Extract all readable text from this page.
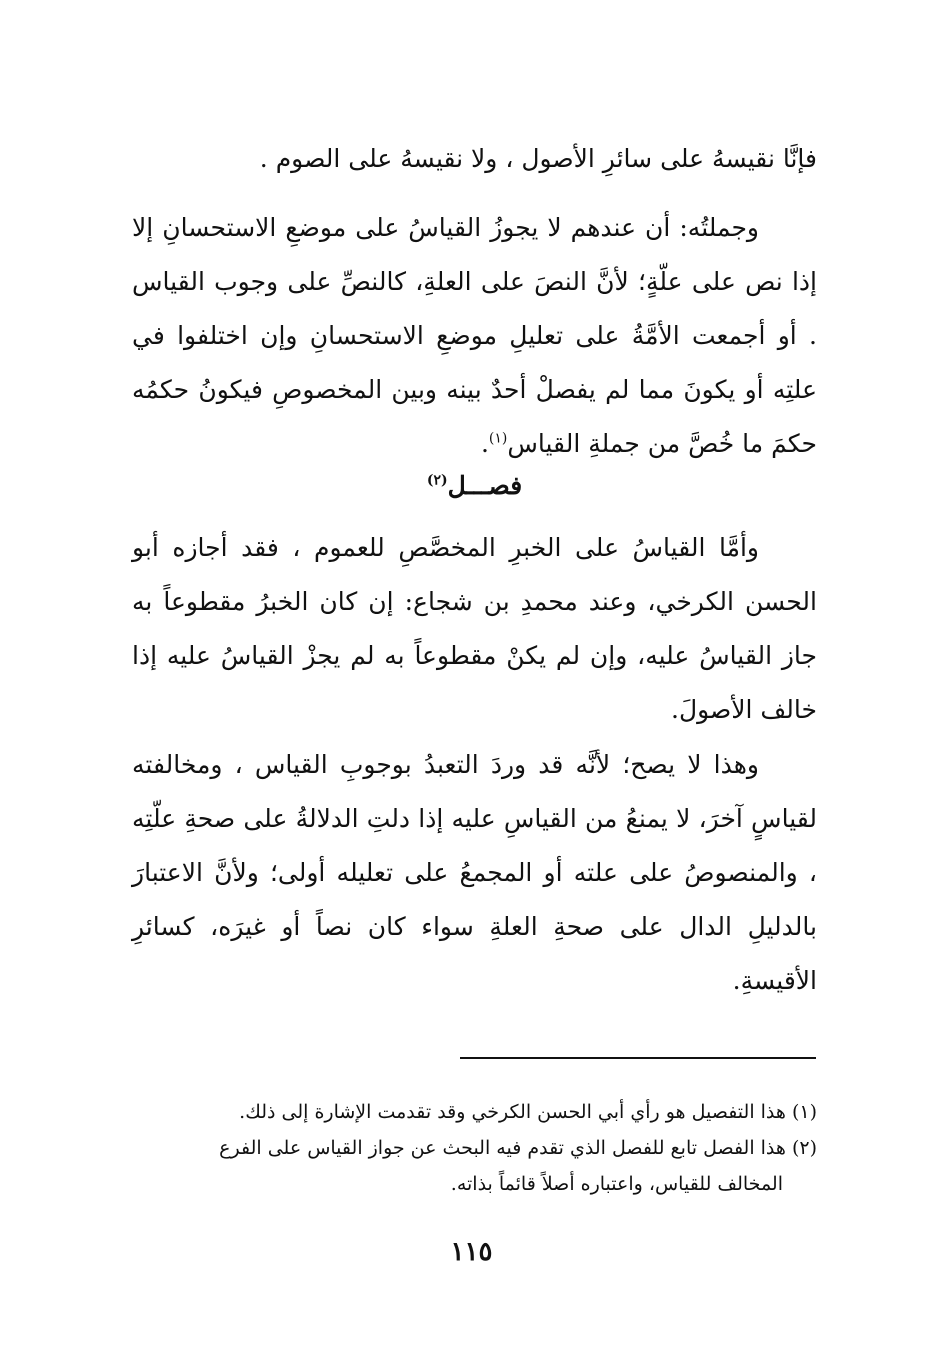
فإنَّا نقيسهُ على سائرِ الأصول ، ولا نقيسهُ على الصوم .

وجملتُه: أن عندهم لا يجوزُ القياسُ على موضعِ الاستحسانِ إلا إذا نص على علّةٍ؛ لأنَّ النصَ على العلةِ، كالنصِّ على وجوب القياس . أو أجمعت الأمَّةُ على تعليلِ موضعِ الاستحسانِ وإن اختلفوا في علتِه أو يكونَ مما لم يفصلْ أحدٌ بينه وبين المخصوصِ فيكونُ حكمُه حكمَ ما خُصَّ من جملةِ القياس$^{(١)}$.

فصـــل$^{(٢)}$

وأمَّا القياسُ على الخبرِ المخصَّصِ للعموم ، فقد أجازه أبو الحسن الكرخي، وعند محمدِ بن شجاع: إن كان الخبرُ مقطوعاً به جاز القياسُ عليه، وإن لم يكنْ مقطوعاً به لم يجزْ القياسُ عليه إذا خالف الأصولَ.

وهذا لا يصح؛ لأنَّه قد وردَ التعبدُ بوجوبِ القياس ، ومخالفته لقياسٍ آخرَ، لا يمنعُ من القياسِ عليه إذا دلتِ الدلالةُ على صحةِ علّتِه ، والمنصوصُ على علته أو المجمعُ على تعليله أولى؛ ولأنَّ الاعتبارَ بالدليلِ الدال على صحةِ العلةِ سواء كان نصاً أو غيرَه، كسائرِ الأقيسةِ.

(١)هذا التفصيل هو رأي أبي الحسن الكرخي وقد تقدمت الإشارة إلى ذلك.

(٢)هذا الفصل تابع للفصل الذي تقدم فيه البحث عن جواز القياس على الفرع

المخالف للقياس، واعتباره أصلاً قائماً بذاته.

١١٥
